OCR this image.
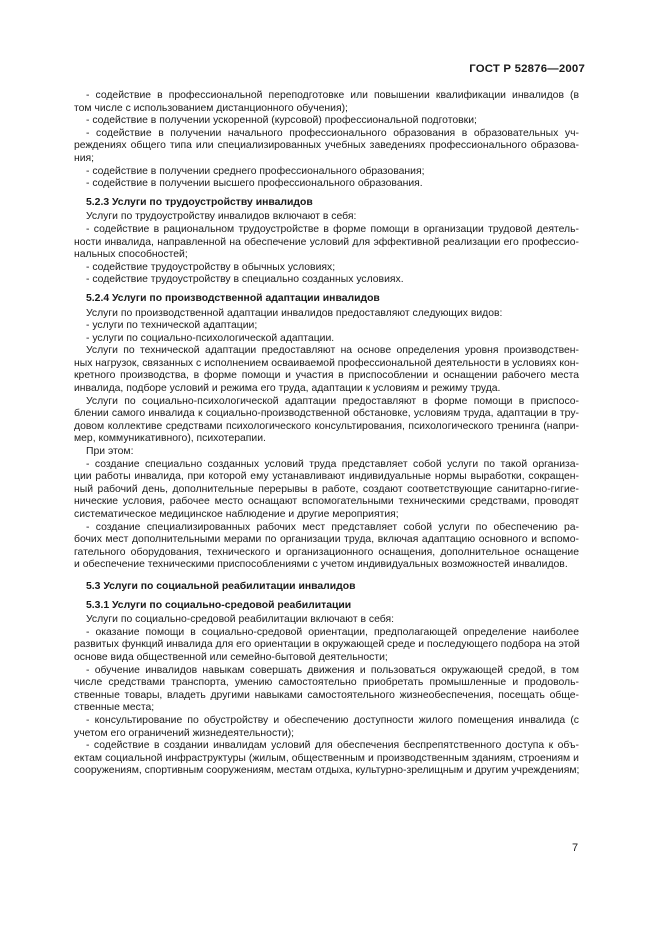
ГОСТ Р 52876—2007
- содействие в профессиональной переподготовке или повышении квалификации инвалидов (в
том числе с использованием дистанционного обучения);
- содействие в получении ускоренной (курсовой) профессиональной подготовки;
- содействие в получении начального профессионального образования в образовательных уч-
реждениях общего типа или специализированных учебных заведениях профессионального образова-
ния;
- содействие в получении среднего профессионального образования;
- содействие в получении высшего профессионального образования.
5.2.3 Услуги по трудоустройству инвалидов
Услуги по трудоустройству инвалидов включают в себя:
- содействие в рациональном трудоустройстве в форме помощи в организации трудовой деятель-
ности инвалида, направленной на обеспечение условий для эффективной реализации его профессио-
нальных способностей;
- содействие трудоустройству в обычных условиях;
- содействие трудоустройству в специально созданных условиях.
5.2.4 Услуги по производственной адаптации инвалидов
Услуги по производственной адаптации инвалидов предоставляют следующих видов:
- услуги по технической адаптации;
- услуги по социально-психологической адаптации.
Услуги по технической адаптации предоставляют на основе определения уровня производствен-
ных нагрузок, связанных с исполнением осваиваемой профессиональной деятельности в условиях кон-
кретного производства, в форме помощи и участия в приспособлении и оснащении рабочего места
инвалида, подборе условий и режима его труда, адаптации к условиям и режиму труда.
Услуги по социально-психологической адаптации предоставляют в форме помощи в приспосо-
блении самого инвалида к социально-производственной обстановке, условиям труда, адаптации в тру-
довом коллективе средствами психологического консультирования, психологического тренинга (напри-
мер, коммуникативного), психотерапии.
При этом:
- создание специально созданных условий труда представляет собой услуги по такой организа-
ции работы инвалида, при которой ему устанавливают индивидуальные нормы выработки, сокращен-
ный рабочий день, дополнительные перерывы в работе, создают соответствующие санитарно-гигие-
нические условия, рабочее место оснащают вспомогательными техническими средствами, проводят
систематическое медицинское наблюдение и другие мероприятия;
- создание специализированных рабочих мест представляет собой услуги по обеспечению ра-
бочих мест дополнительными мерами по организации труда, включая адаптацию основного и вспомо-
гательного оборудования, технического и организационного оснащения, дополнительное оснащение
и обеспечение техническими приспособлениями с учетом индивидуальных возможностей инвалидов.
5.3 Услуги по социальной реабилитации инвалидов
5.3.1 Услуги по социально-средовой реабилитации
Услуги по социально-средовой реабилитации включают в себя:
- оказание помощи в социально-средовой ориентации, предполагающей определение наиболее
развитых функций инвалида для его ориентации в окружающей среде и последующего подбора на этой
основе вида общественной или семейно-бытовой деятельности;
- обучение инвалидов навыкам совершать движения и пользоваться окружающей средой, в том
числе средствами транспорта, умению самостоятельно приобретать промышленные и продоволь-
ственные товары, владеть другими навыками самостоятельного жизнеобеспечения, посещать обще-
ственные места;
- консультирование по обустройству и обеспечению доступности жилого помещения инвалида (с
учетом его ограничений жизнедеятельности);
- содействие в создании инвалидам условий для обеспечения беспрепятственного доступа к объ-
ектам социальной инфраструктуры (жилым, общественным и производственным зданиям, строениям и
сооружениям, спортивным сооружениям, местам отдыха, культурно-зрелищным и другим учреждениям;
7
